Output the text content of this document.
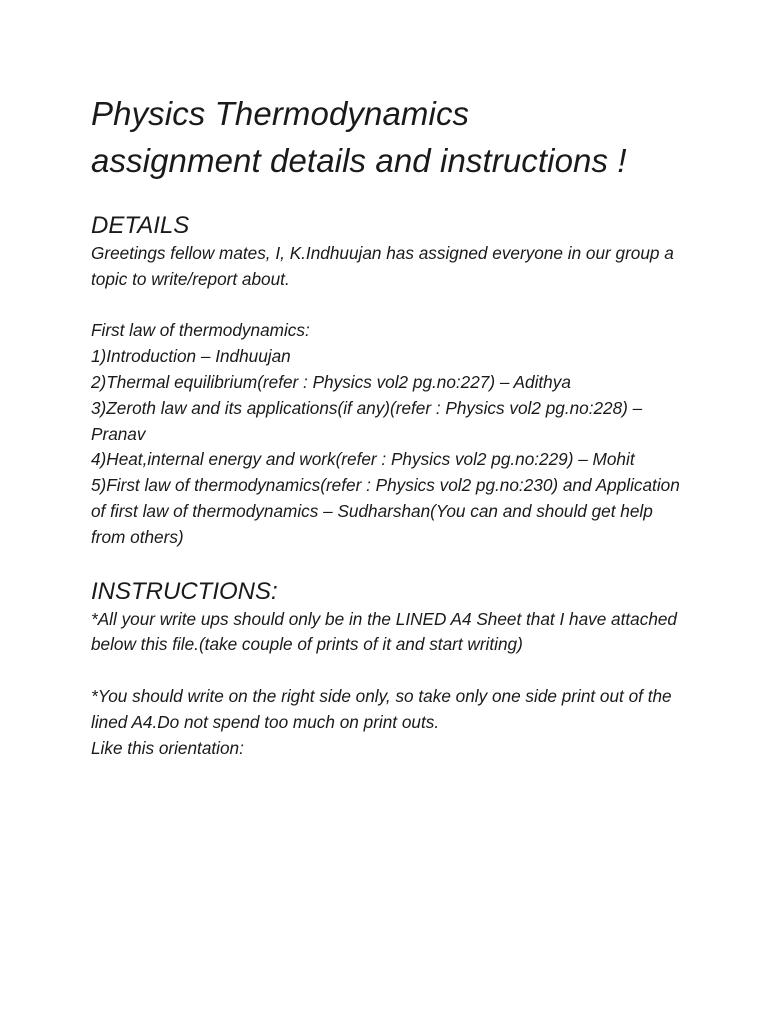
Physics Thermodynamics
assignment details and instructions !
DETAILS

Greetings fellow mates, I, K.Indhuujan has assigned everyone in our group a topic to write/report about.

First law of thermodynamics:

1)Introduction – Indhuujan
2)Thermal equilibrium(refer : Physics vol2 pg.no:227) – Adithya
3)Zeroth law and its applications(if any)(refer : Physics vol2 pg.no:228) – Pranav
4)Heat,internal energy and work(refer : Physics vol2 pg.no:229) – Mohit
5)First law of thermodynamics(refer : Physics vol2 pg.no:230) and Application of first law of thermodynamics – Sudharshan(You can and should get help from others)
INSTRUCTIONS:

*All your write ups should only be in the LINED A4 Sheet that I have attached below this file.(take couple of prints of it and start writing)

*You should write on the right side only, so take only one side print out of the lined A4.Do not spend too much on print outs.

Like this orientation:
